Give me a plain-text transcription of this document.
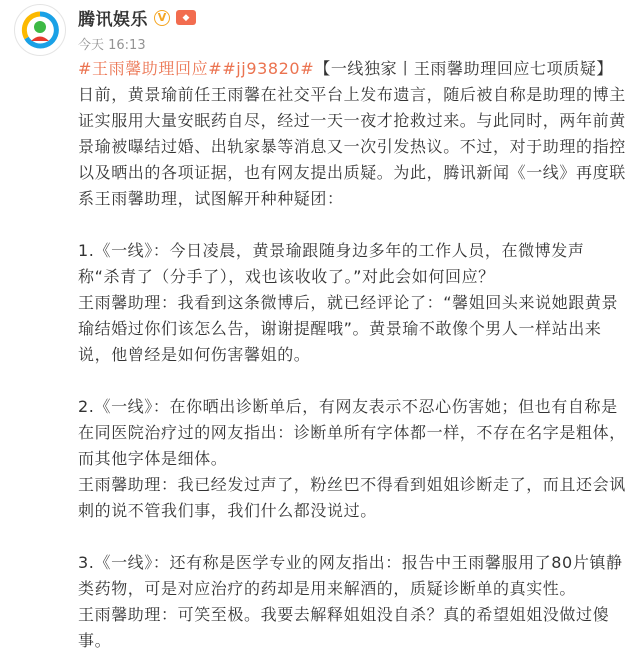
腾讯娱乐 V	◆
今天 16:13

#王雨馨助理回应##jj93820#【一线独家丨王雨馨助理回应七项质疑】日前，黄景瑜前任王雨馨在社交平台上发布遗言，随后被自称是助理的博主证实服用大量安眠药自尽，经过一天一夜才抢救过来。与此同时，两年前黄景瑜被曝结过婚、出轨家暴等消息又一次引发热议。不过，对于助理的指控以及晒出的各项证据，也有网友提出质疑。为此，腾讯新闻《一线》再度联系王雨馨助理，试图解开种种疑团：

1.《一线》：今日凌晨，黄景瑜跟随身边多年的工作人员，在微博发声称“杀青了（分手了），戏也该收收了。”对此会如何回应？

王雨馨助理：我看到这条微博后，就已经评论了：“馨姐回头来说她跟黄景瑜结婚过你们该怎么告，谢谢提醒哦”。黄景瑜不敢像个男人一样站出来说，他曾经是如何伤害馨姐的。

2.《一线》：在你晒出诊断单后，有网友表示不忍心伤害她；但也有自称是在同医院治疗过的网友指出：诊断单所有字体都一样，不存在名字是粗体，而其他字体是细体。

王雨馨助理：我已经发过声了，粉丝巴不得看到姐姐诊断走了，而且还会讽刺的说不管我们事，我们什么都没说过。

3.《一线》：还有称是医学专业的网友指出：报告中王雨馨服用了80片镇静类药物，可是对应治疗的药却是用来解酒的，质疑诊断单的真实性。

王雨馨助理：可笑至极。我要去解释姐姐没自杀？真的希望姐姐没做过傻事。
